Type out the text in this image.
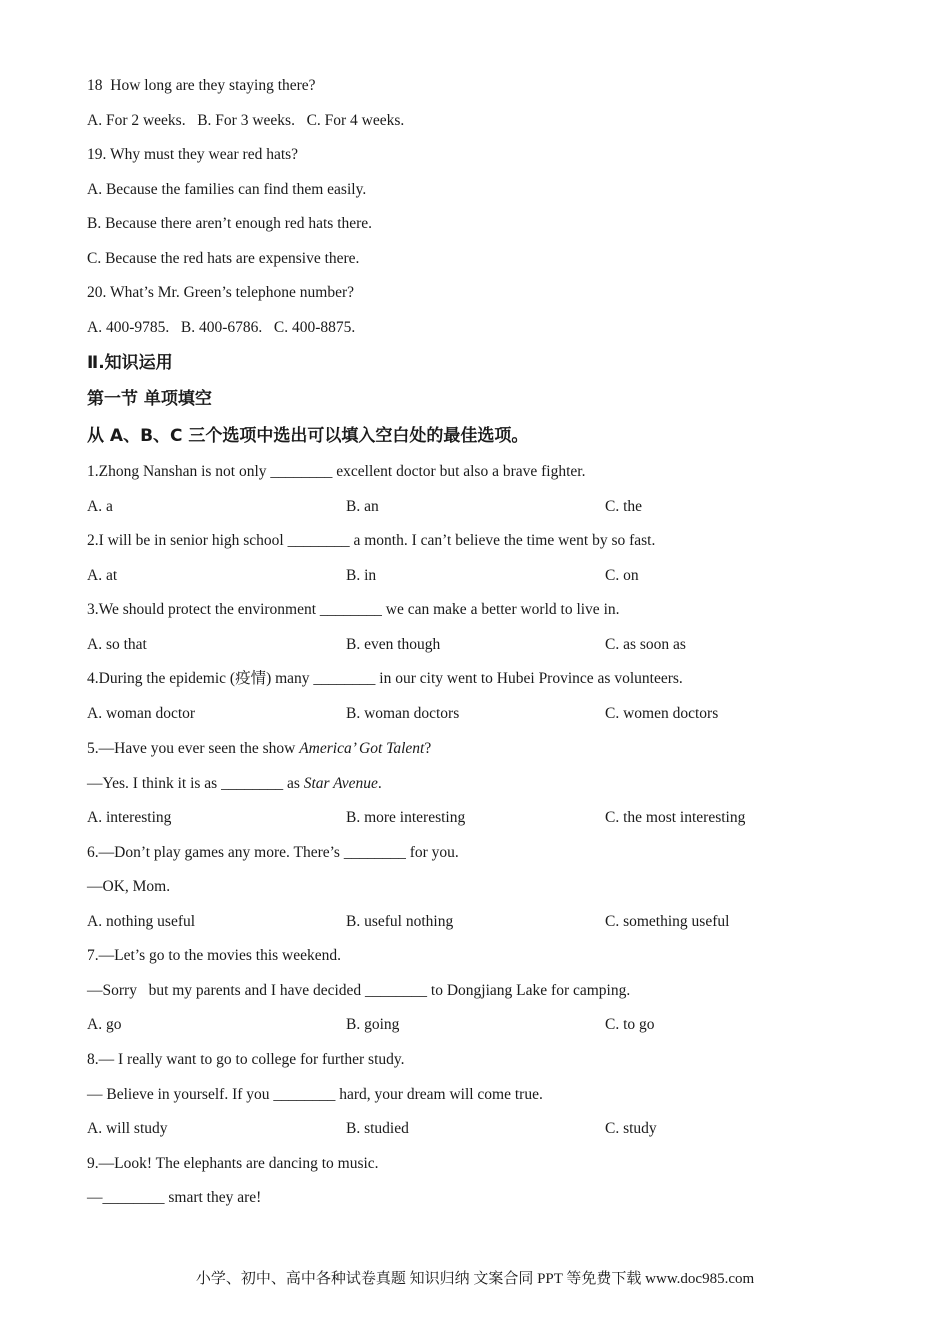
18  How long are they staying there?
A. For 2 weeks.   B. For 3 weeks.   C. For 4 weeks.
19. Why must they wear red hats?
A. Because the families can find them easily.
B. Because there aren’t enough red hats there.
C. Because the red hats are expensive there.
20. What’s Mr. Green’s telephone number?
A. 400-9785.   B. 400-6786.   C. 400-8875.
Ⅱ.知识运用
第一节 单项填空
从 A、B、C 三个选项中选出可以填入空白处的最佳选项。
1.Zhong Nanshan is not only ________ excellent doctor but also a brave fighter.
A. a	B. an	C. the
2.I will be in senior high school ________ a month. I can’t believe the time went by so fast.
A. at	B. in	C. on
3.We should protect the environment ________ we can make a better world to live in.
A. so that	B. even though	C. as soon as
4.During the epidemic (疫情) many ________ in our city went to Hubei Province as volunteers.
A. woman doctor	B. woman doctors	C. women doctors
5.—Have you ever seen the show America’ Got Talent?
—Yes. I think it is as ________ as Star Avenue.
A. interesting	B. more interesting	C. the most interesting
6.—Don’t play games any more. There’s ________ for you.
—OK, Mom.
A. nothing useful	B. useful nothing	C. something useful
7.—Let’s go to the movies this weekend.
—Sorry   but my parents and I have decided ________ to Dongjiang Lake for camping.
A. go	B. going	C. to go
8.— I really want to go to college for further study.
— Believe in yourself. If you ________ hard, your dream will come true.
A. will study	B. studied	C. study
9.—Look! The elephants are dancing to music.
—________ smart they are!
小学、初中、高中各种试卷真题 知识归纳 文案合同 PPT 等免费下载 www.doc985.com
